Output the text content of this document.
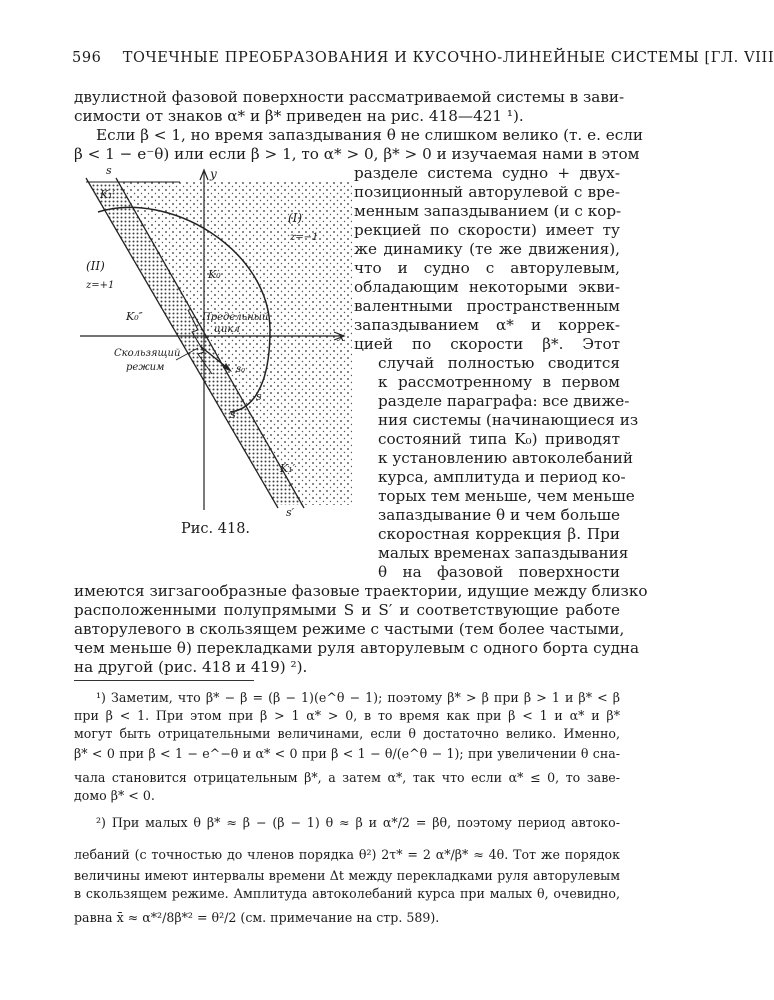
596 ТОЧЕЧНЫЕ ПРЕОБРАЗОВАНИЯ И КУСОЧНО-ЛИНЕЙНЫЕ СИСТЕМЫ [ГЛ. VIII
двулистной фазовой поверхности рассматриваемой системы в зави-
симости от знаков α* и β* приведен на рис. 418—421 ¹).
Если β < 1, но время запаздывания θ не слишком велико (т. е. если
β < 1 − e⁻θ) или если β > 1, то α* > 0, β* > 0 и изучаемая нами в этом
s	y
x
(I)
z=−1
(II)
z=+1
K₁′
K₀
K₀″	Предельный
цикл
Скользящий
режим	s₀
s′
K₁′
s′
s
Рис. 418.
разделе система судно + двух-
позиционный авторулевой с вре-
менным запаздыванием (и с кор-
рекцией по скорости) имеет ту
же динамику (те же движения),
что и судно с авторулевым,
обладающим некоторыми экви-
валентными пространственным
запаздыванием α* и коррек-
цией по скорости β*. Этот
случай полностью сводится
к рассмотренному в первом
разделе параграфа: все движе-
ния системы (начинающиеся из
состояний типа K₀) приводят
к установлению автоколебаний
курса, амплитуда и период ко-
торых тем меньше, чем меньше
запаздывание θ и чем больше
скоростная коррекция β. При
малых временах запаздывания
θ на фазовой поверхности
имеются зигзагообразные фазовые траектории, идущие между близко
расположенными полупрямыми S и S′ и соответствующие работе
авторулевого в скользящем режиме с частыми (тем более частыми,
чем меньше θ) перекладками руля авторулевым с одного борта судна
на другой (рис. 418 и 419) ²).
¹) Заметим, что β* − β = (β − 1)(e^θ − 1); поэтому β* > β при β > 1 и β* < β
при β < 1. При этом при β > 1 α* > 0, в то время как при β < 1 и α* и β*
могут быть отрицательными величинами, если θ достаточно велико. Именно,
β* < 0 при β < 1 − e^−θ и α* < 0 при β < 1 − θ/(e^θ − 1); при увеличении θ сна-
чала становится отрицательным β*, а затем α*, так что если α* ≤ 0, то заве-
домо β* < 0.
²) При малых θ β* ≈ β − (β − 1) θ ≈ β и α*/2 = βθ, поэтому период автоко-
лебаний (с точностью до членов порядка θ²) 2τ* = 2 α*/β* ≈ 4θ. Тот же порядок
величины имеют интервалы времени Δt между перекладками руля авторулевым
в скользящем режиме. Амплитуда автоколебаний курса при малых θ, очевидно,
равна x̄ ≈ α*²/8β*² = θ²/2 (см. примечание на стр. 589).
